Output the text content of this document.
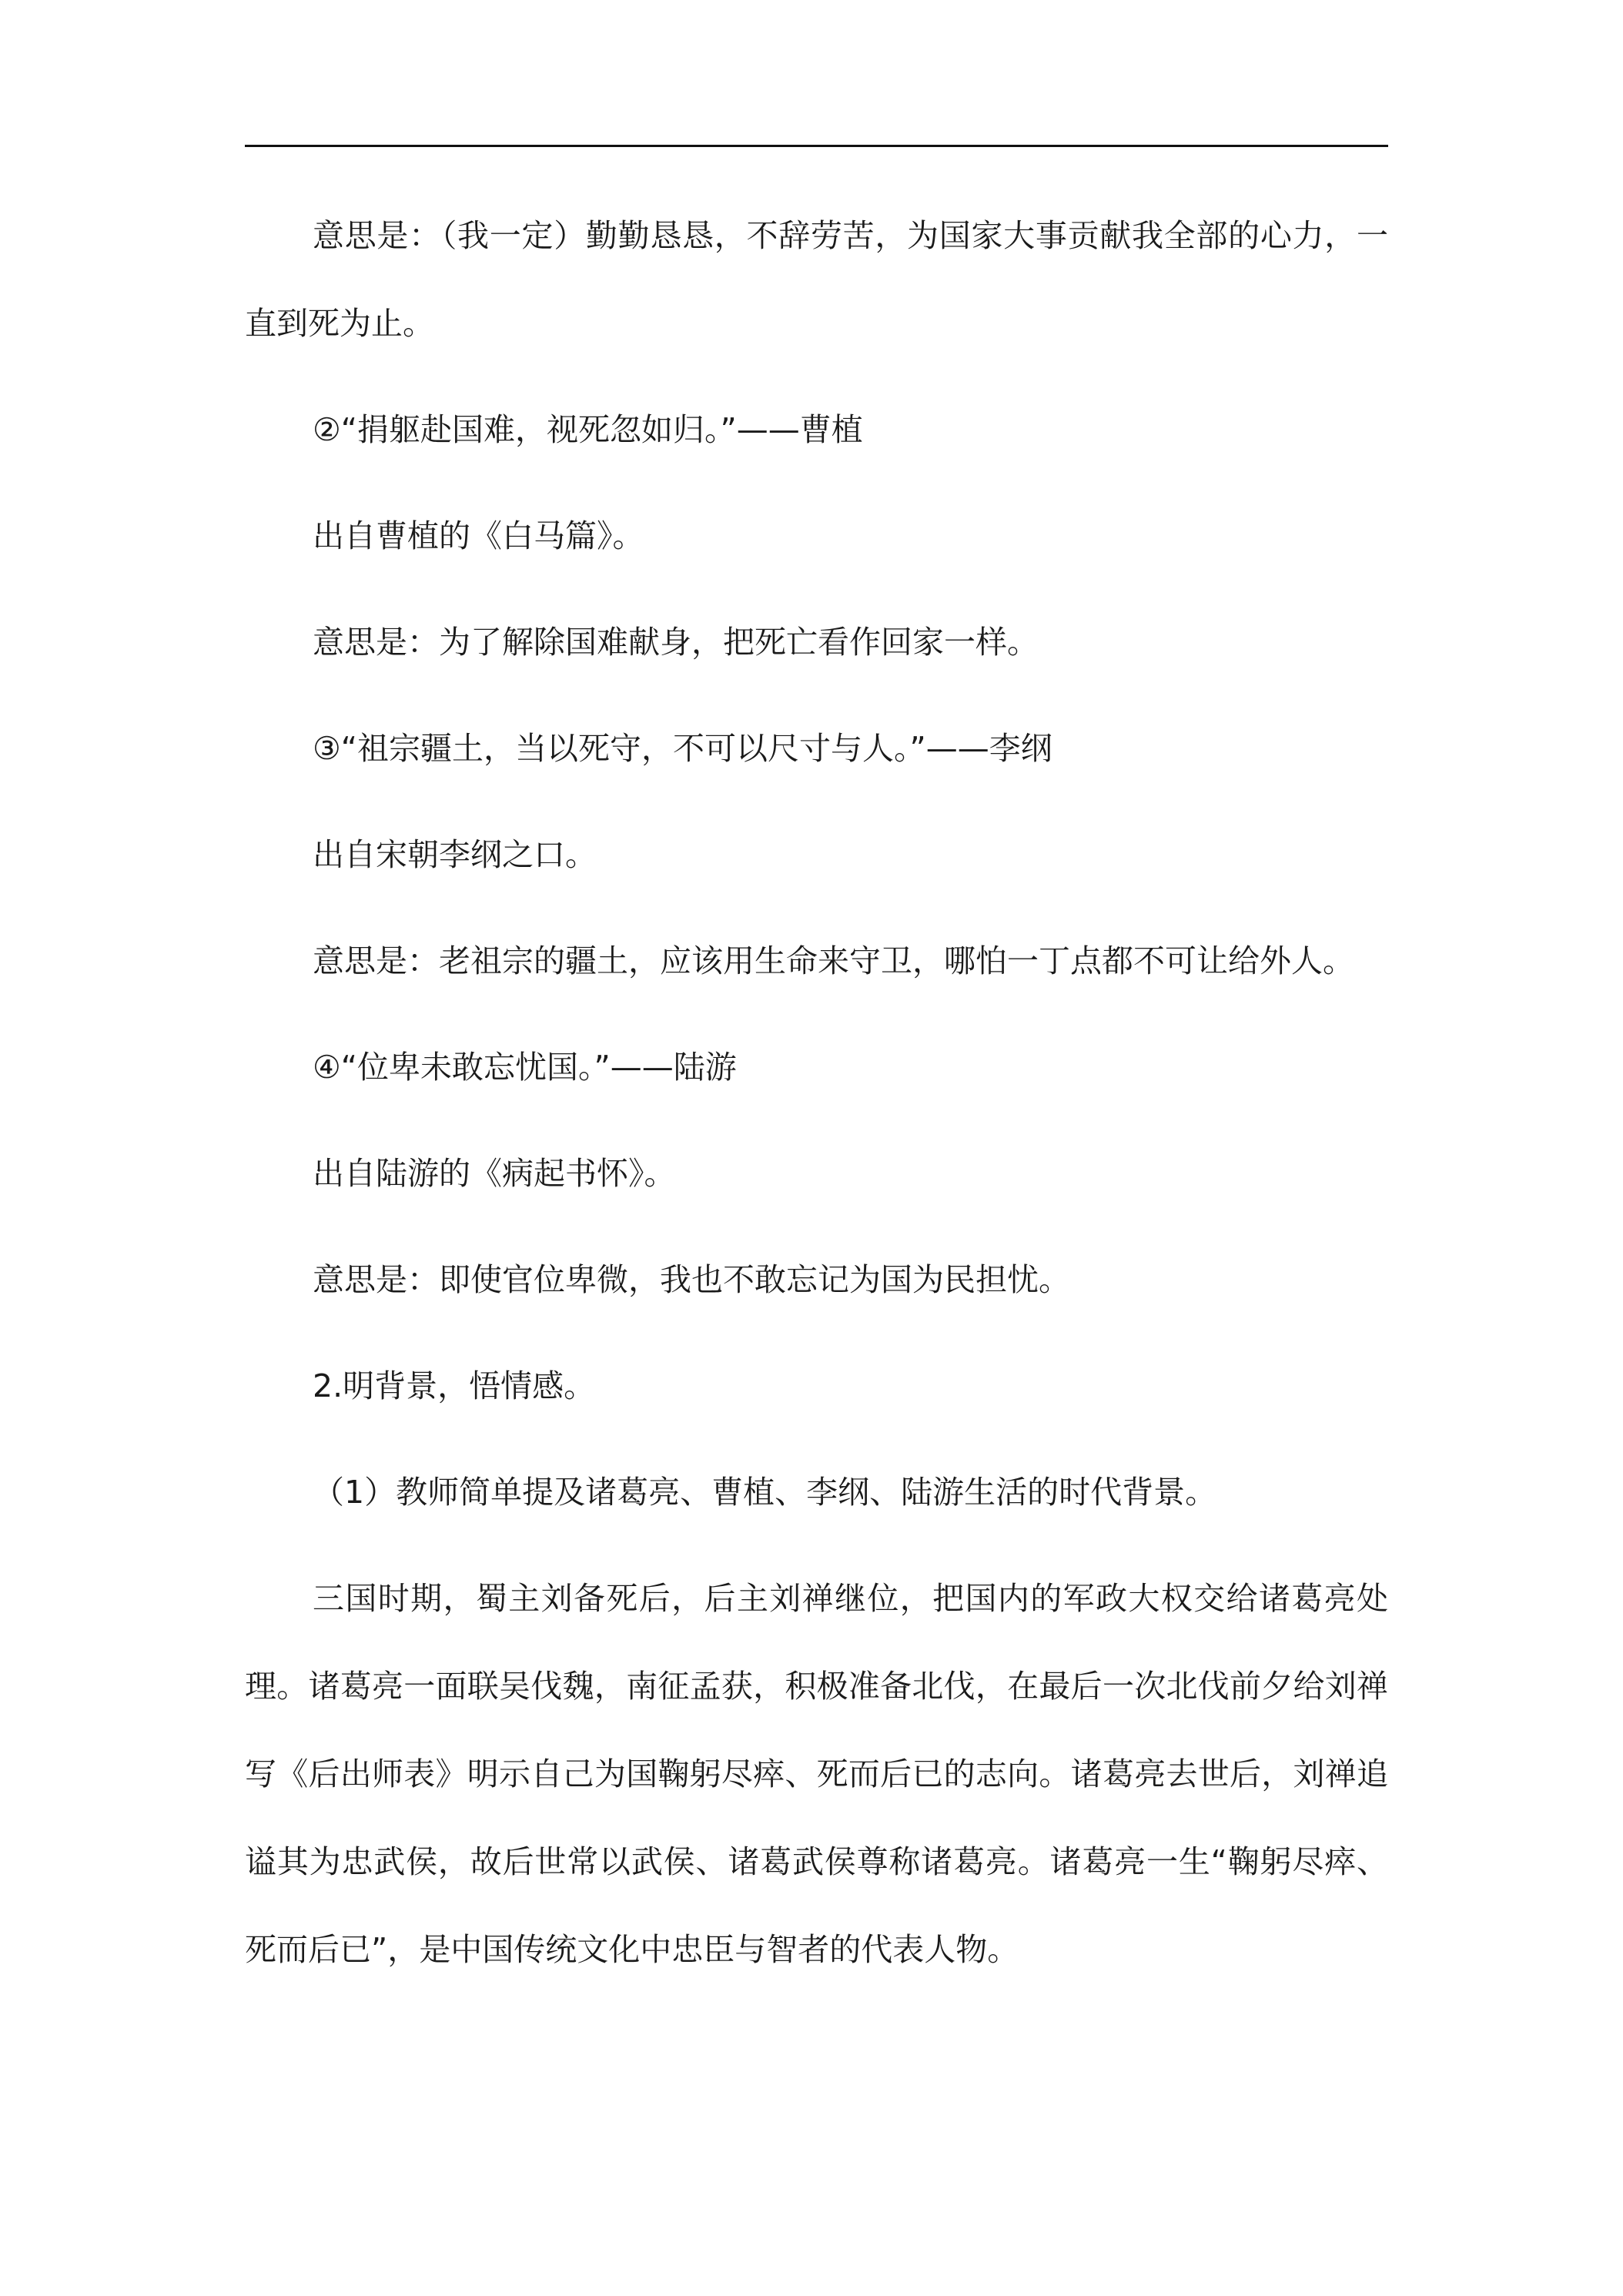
意思是：（我一定）勤勤恳恳，不辞劳苦，为国家大事贡献我全部的心力，一直到死为止。

②“捐躯赴国难，视死忽如归。”——曹植

出自曹植的《白马篇》。

意思是：为了解除国难献身，把死亡看作回家一样。

③“祖宗疆土，当以死守，不可以尺寸与人。”——李纲

出自宋朝李纲之口。

意思是：老祖宗的疆土，应该用生命来守卫，哪怕一丁点都不可让给外人。

④“位卑未敢忘忧国。”——陆游

出自陆游的《病起书怀》。

意思是：即使官位卑微，我也不敢忘记为国为民担忧。

2.明背景，悟情感。

（1）教师简单提及诸葛亮、曹植、李纲、陆游生活的时代背景。

三国时期，蜀主刘备死后，后主刘禅继位，把国内的军政大权交给诸葛亮处理。诸葛亮一面联吴伐魏，南征孟获，积极准备北伐，在最后一次北伐前夕给刘禅写《后出师表》明示自己为国鞠躬尽瘁、死而后已的志向。诸葛亮去世后，刘禅追谥其为忠武侯，故后世常以武侯、诸葛武侯尊称诸葛亮。诸葛亮一生“鞠躬尽瘁、死而后已”，是中国传统文化中忠臣与智者的代表人物。
